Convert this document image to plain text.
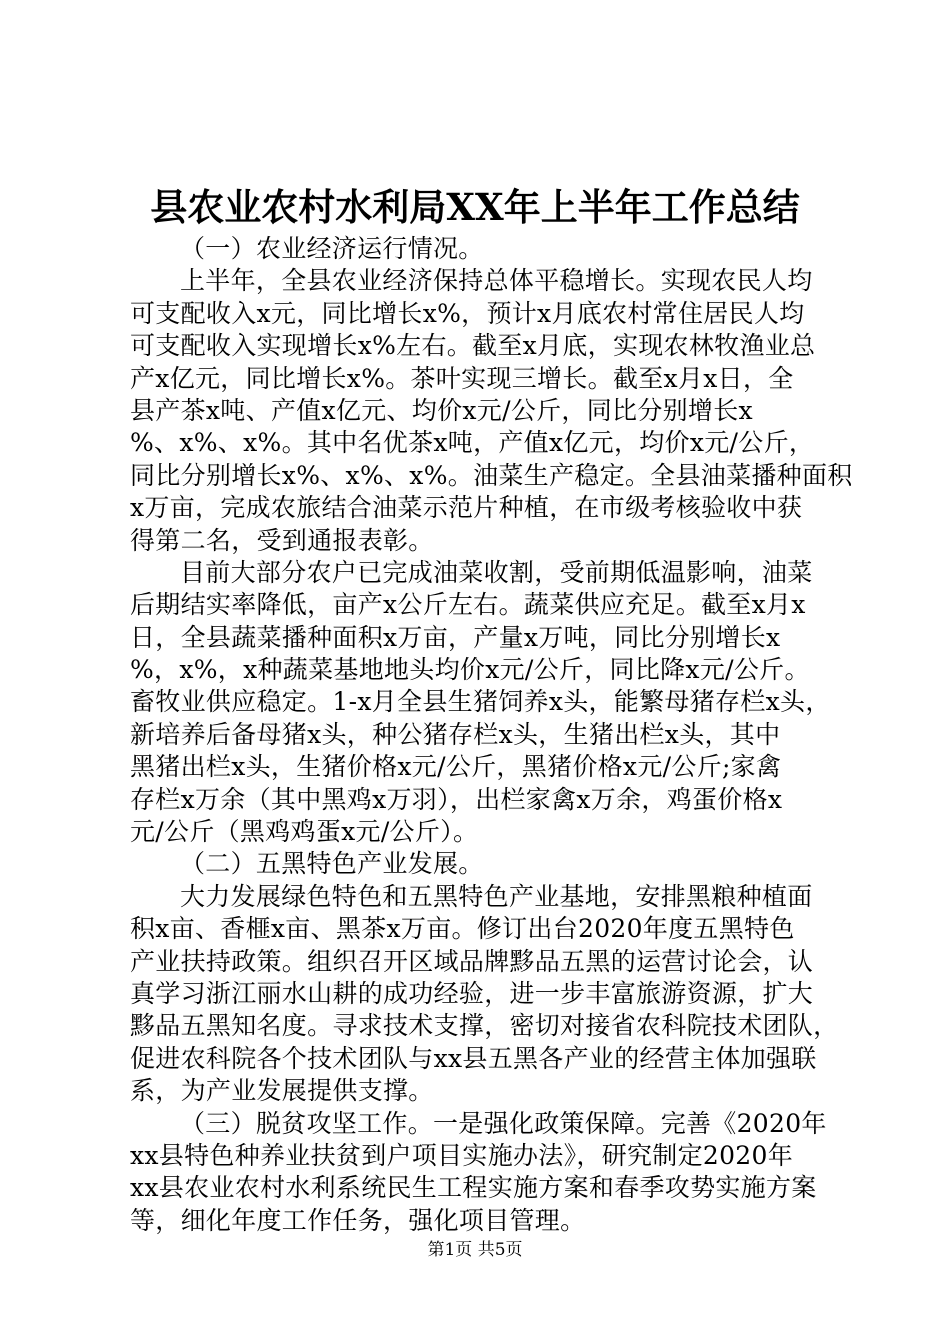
县农业农村水利局XX年上半年工作总结
（一）农业经济运行情况。
上半年，全县农业经济保持总体平稳增长。实现农民人均
可支配收入x元，同比增长x%，预计x月底农村常住居民人均
可支配收入实现增长x%左右。截至x月底，实现农林牧渔业总
产x亿元，同比增长x%。茶叶实现三增长。截至x月x日，全
县产茶x吨、产值x亿元、均价x元/公斤，同比分别增长x
%、x%、x%。其中名优茶x吨，产值x亿元，均价x元/公斤，
同比分别增长x%、x%、x%。油菜生产稳定。全县油菜播种面积
x万亩，完成农旅结合油菜示范片种植，在市级考核验收中获
得第二名，受到通报表彰。
目前大部分农户已完成油菜收割，受前期低温影响，油菜
后期结实率降低，亩产x公斤左右。蔬菜供应充足。截至x月x
日，全县蔬菜播种面积x万亩，产量x万吨，同比分别增长x
%，x%，x种蔬菜基地地头均价x元/公斤，同比降x元/公斤。
畜牧业供应稳定。1-x月全县生猪饲养x头，能繁母猪存栏x头，
新培养后备母猪x头，种公猪存栏x头，生猪出栏x头，其中
黑猪出栏x头，生猪价格x元/公斤，黑猪价格x元/公斤;家禽
存栏x万余（其中黑鸡x万羽），出栏家禽x万余，鸡蛋价格x
元/公斤（黑鸡鸡蛋x元/公斤）。
（二）五黑特色产业发展。
大力发展绿色特色和五黑特色产业基地，安排黑粮种植面
积x亩、香榧x亩、黑茶x万亩。修订出台2020年度五黑特色
产业扶持政策。组织召开区域品牌黟品五黑的运营讨论会，认
真学习浙江丽水山耕的成功经验，进一步丰富旅游资源，扩大
黟品五黑知名度。寻求技术支撑，密切对接省农科院技术团队，
促进农科院各个技术团队与xx县五黑各产业的经营主体加强联
系，为产业发展提供支撑。
（三）脱贫攻坚工作。一是强化政策保障。完善《2020年
xx县特色种养业扶贫到户项目实施办法》，研究制定2020年
xx县农业农村水利系统民生工程实施方案和春季攻势实施方案
等，细化年度工作任务，强化项目管理。
第1页 共5页
